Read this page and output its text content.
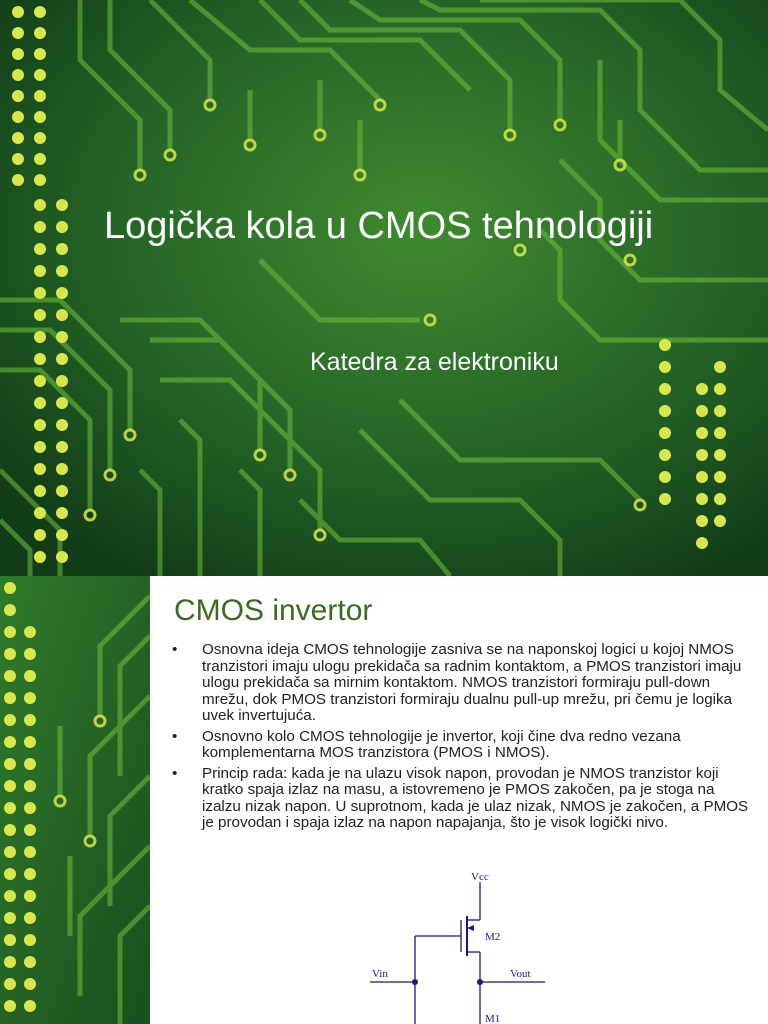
Logička kola u CMOS tehnologiji
Katedra za elektroniku
CMOS invertor
• Osnovna ideja CMOS tehnologije zasniva se na naponskoj logici u kojoj NMOS tranzistori imaju ulogu prekidača sa radnim kontaktom, a PMOS tranzistori imaju ulogu prekidača sa mirnim kontaktom. NMOS tranzistori formiraju pull-down mrežu, dok PMOS tranzistori formiraju dualnu pull-up mrežu, pri čemu je logika uvek invertujuća.
• Osnovno kolo CMOS tehnologije je invertor, koji čine dva redno vezana komplementarna MOS tranzistora (PMOS i NMOS).
• Princip rada: kada je na ulazu visok napon, provodan je NMOS tranzistor koji kratko spaja izlaz na masu, a istovremeno je PMOS zakočen, pa je stoga na izalzu nizak napon. U suprotnom, kada je ulaz nizak, NMOS je zakočen, a PMOS je provodan i spaja izlaz na napon napajanja, što je visok logički nivo.
Vcc
M2
Vin	Vout
M1
